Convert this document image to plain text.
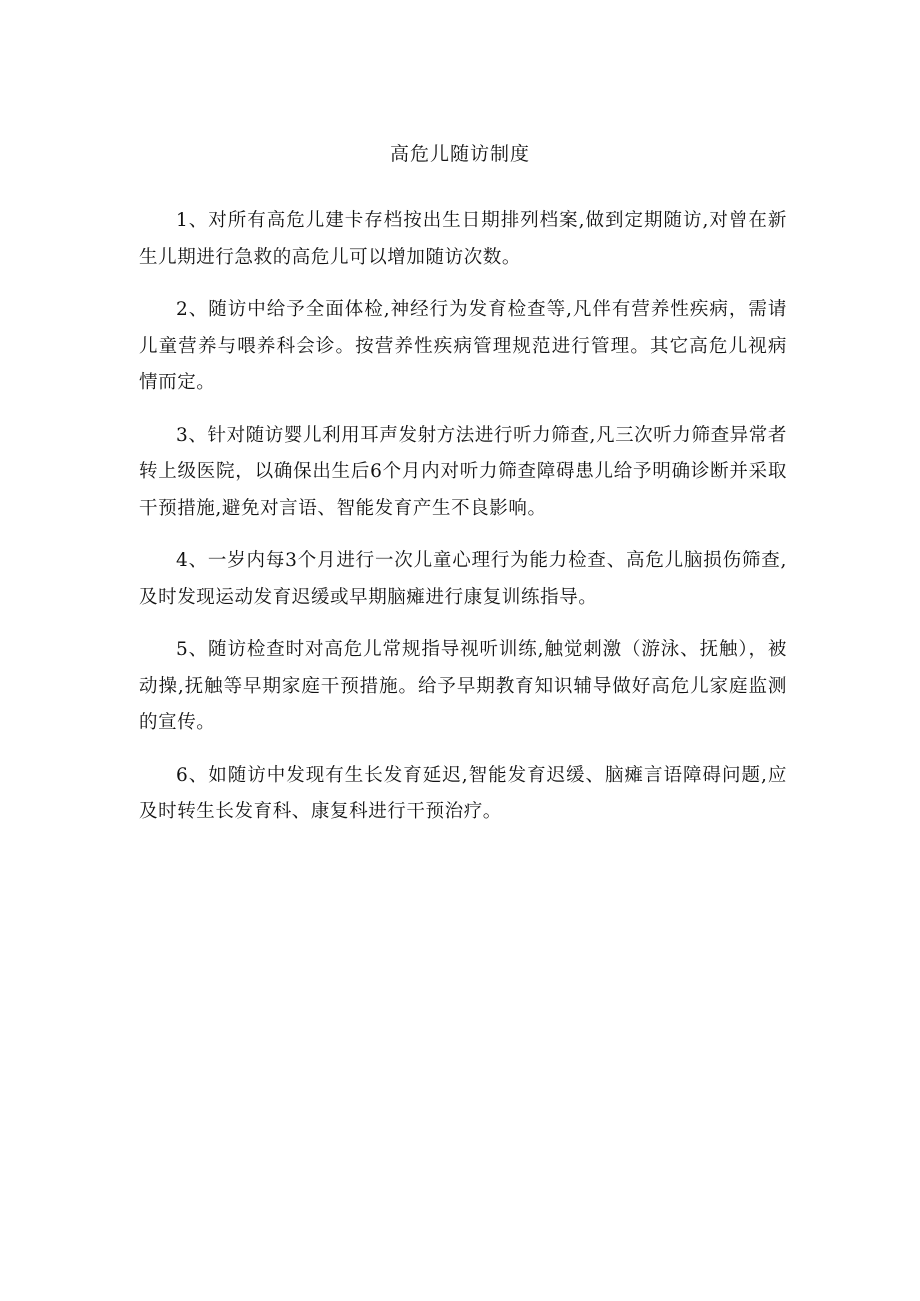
高危儿随访制度

1、对所有高危儿建卡存档按出生日期排列档案,做到定期随访,对曾在新生儿期进行急救的高危儿可以增加随访次数。

2、随访中给予全面体检,神经行为发育检查等,凡伴有营养性疾病，需请儿童营养与喂养科会诊。按营养性疾病管理规范进行管理。其它高危儿视病情而定。

3、针对随访婴儿利用耳声发射方法进行听力筛查,凡三次听力筛查异常者转上级医院，以确保出生后6个月内对听力筛查障碍患儿给予明确诊断并采取干预措施,避免对言语、智能发育产生不良影响。

4、一岁内每3个月进行一次儿童心理行为能力检查、高危儿脑损伤筛查,及时发现运动发育迟缓或早期脑瘫进行康复训练指导。

5、随访检查时对高危儿常规指导视听训练,触觉刺激（游泳、抚触），被动操,抚触等早期家庭干预措施。给予早期教育知识辅导做好高危儿家庭监测的宣传。

6、如随访中发现有生长发育延迟,智能发育迟缓、脑瘫言语障碍问题,应及时转生长发育科、康复科进行干预治疗。
